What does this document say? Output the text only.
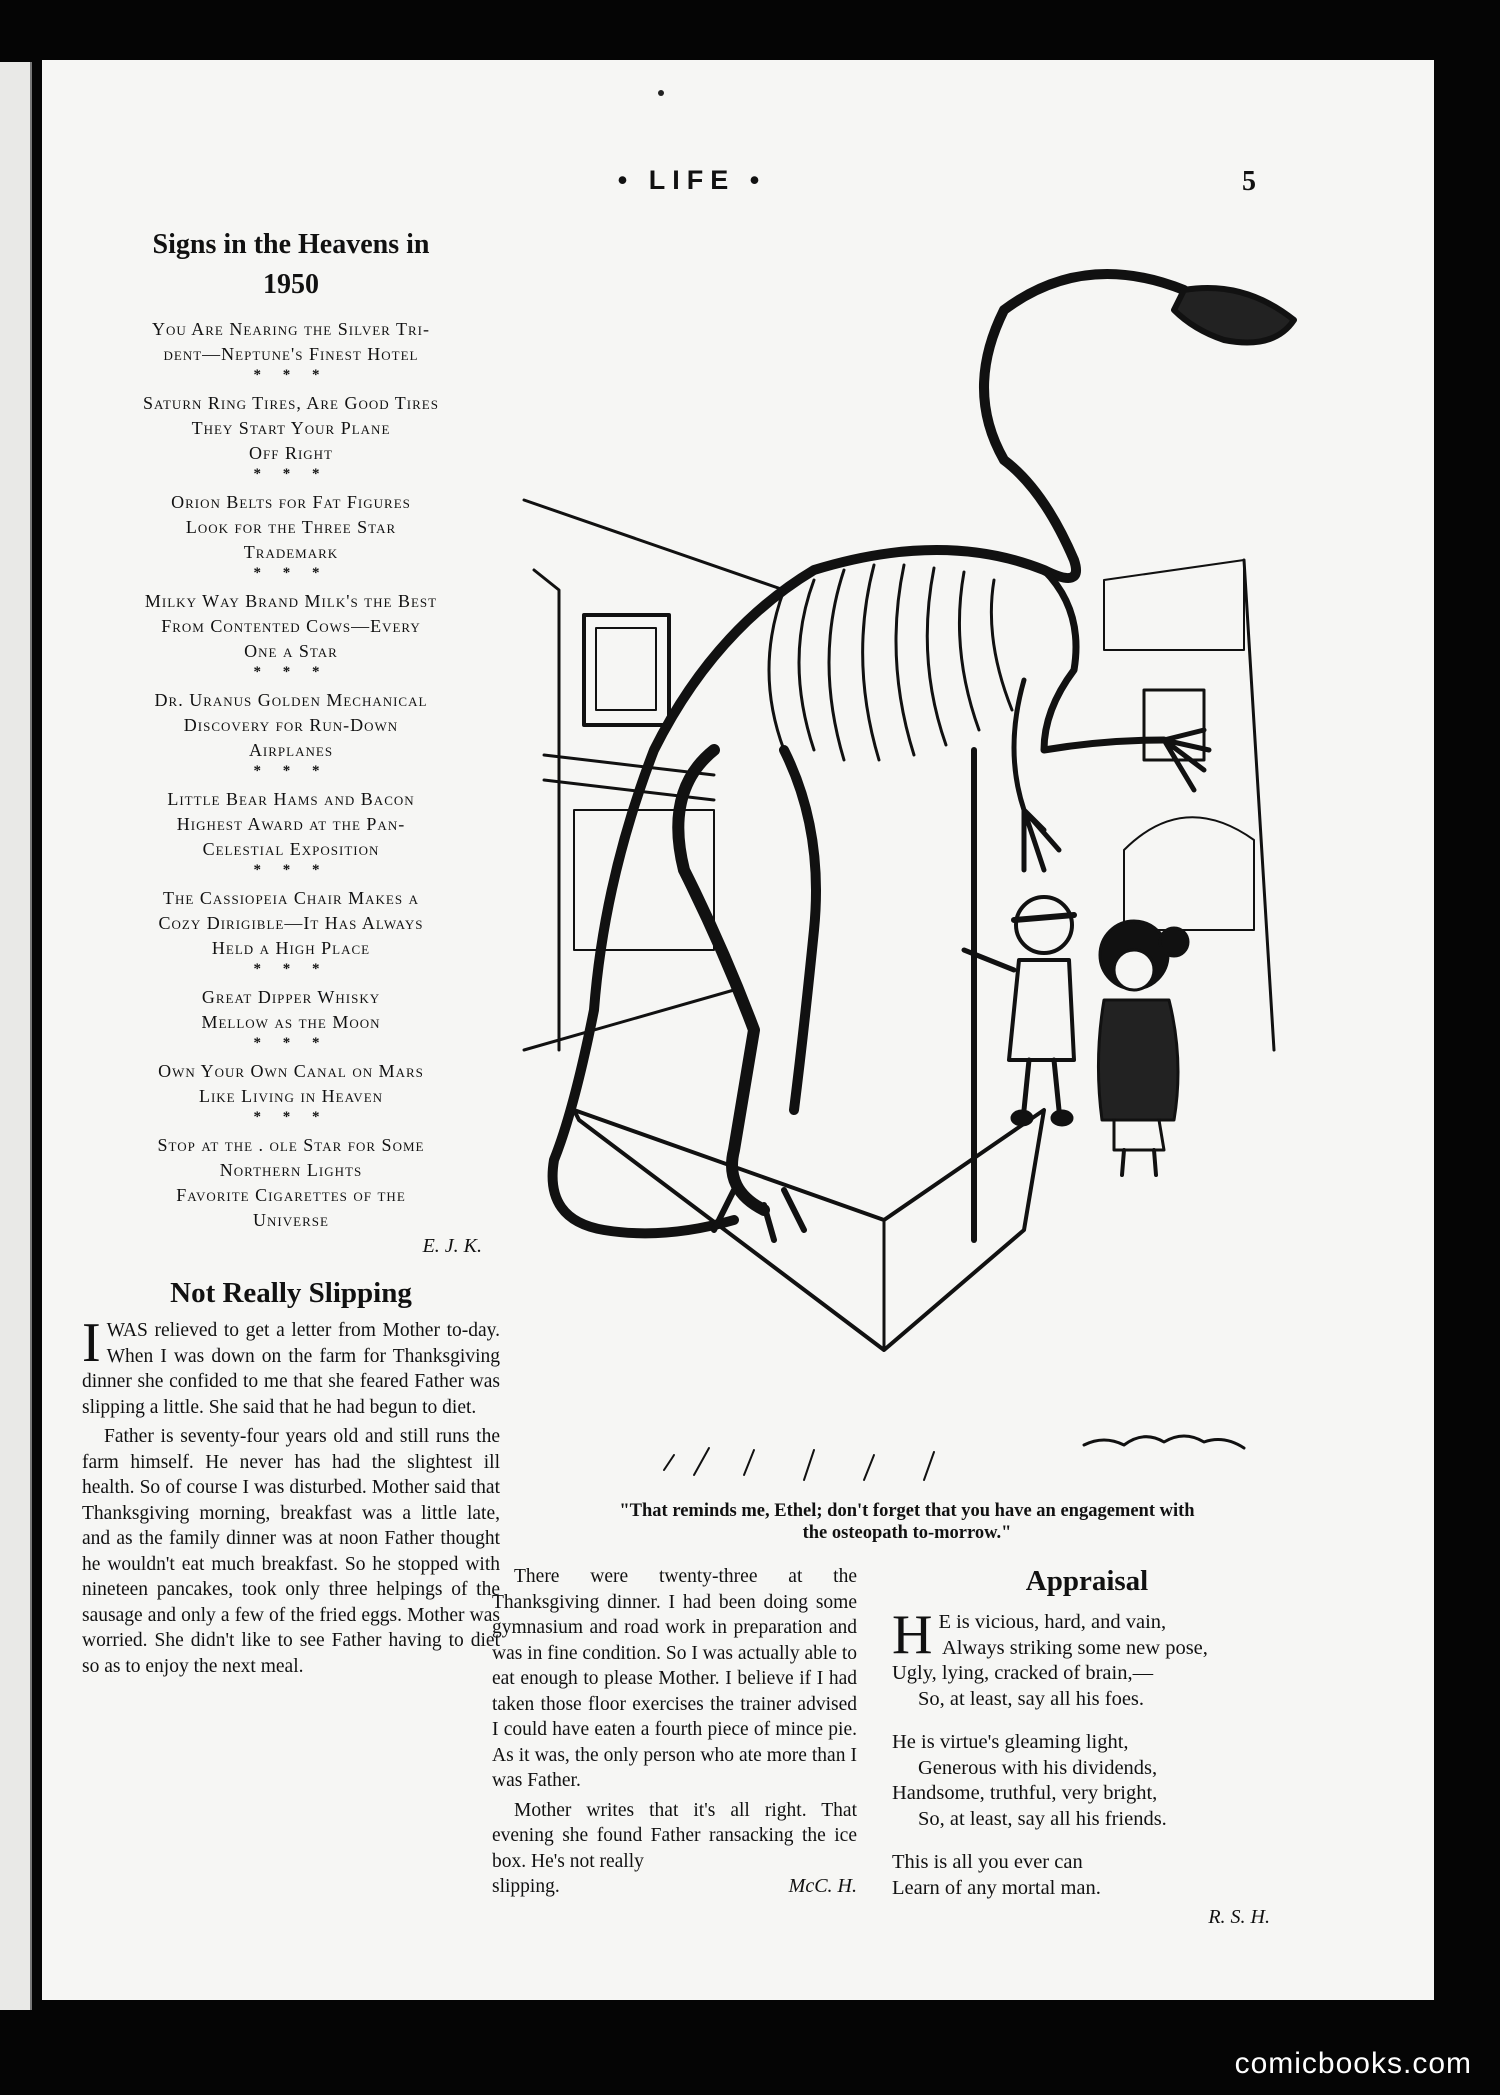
• LIFE •	5
Signs in the Heavens in
1950
You Are Nearing the Silver Tri-
dent—Neptune's Finest Hotel
* * *
Saturn Ring Tires, Are Good Tires
They Start Your Plane
Off Right
* * *
Orion Belts for Fat Figures
Look for the Three Star
Trademark
* * *
Milky Way Brand Milk's the Best
From Contented Cows—Every
One a Star
* * *
Dr. Uranus Golden Mechanical
Discovery for Run-Down
Airplanes
* * *
Little Bear Hams and Bacon
Highest Award at the Pan-
Celestial Exposition
* * *
The Cassiopeia Chair Makes a
Cozy Dirigible—It Has Always
Held a High Place
* * *
Great Dipper Whisky
Mellow as the Moon
* * *
Own Your Own Canal on Mars
Like Living in Heaven
* * *
Stop at the . ole Star for Some
Northern Lights
Favorite Cigarettes of the
Universe
E. J. K.
Not Really Slipping

IWAS relieved to get a letter from Mother to-day. When I was down on the farm for Thanksgiving dinner she confided to me that she feared Father was slipping a little. She said that he had begun to diet.

Father is seventy-four years old and still runs the farm himself. He never has had the slightest ill health. So of course I was disturbed. Mother said that Thanksgiving morning, breakfast was a little late, and as the family dinner was at noon Father thought he wouldn't eat much breakfast. So he stopped with nineteen pancakes, took only three helpings of the sausage and only a few of the fried eggs. Mother was worried. She didn't like to see Father having to diet so as to enjoy the next meal.

"That reminds me, Ethel; don't forget that you have an engagement with
the osteopath to-morrow."

There were twenty-three at the Thanksgiving dinner. I had been doing some gymnasium and road work in preparation and was in fine condition. So I was actually able to eat enough to please Mother. I believe if I had taken those floor exercises the trainer advised I could have eaten a fourth piece of mince pie. As it was, the only person who ate more than I was Father.

Mother writes that it's all right. That evening she found Father ransacking the ice box. He's not really

slipping.	McC. H.
Appraisal
H E is vicious, hard, and vain,
Always striking some new pose,
Ugly, lying, cracked of brain,—
So, at least, say all his foes.
He is virtue's gleaming light,
Generous with his dividends,
Handsome, truthful, very bright,
So, at least, say all his friends.
This is all you ever can
Learn of any mortal man.
R. S. H.
comicbooks.com
